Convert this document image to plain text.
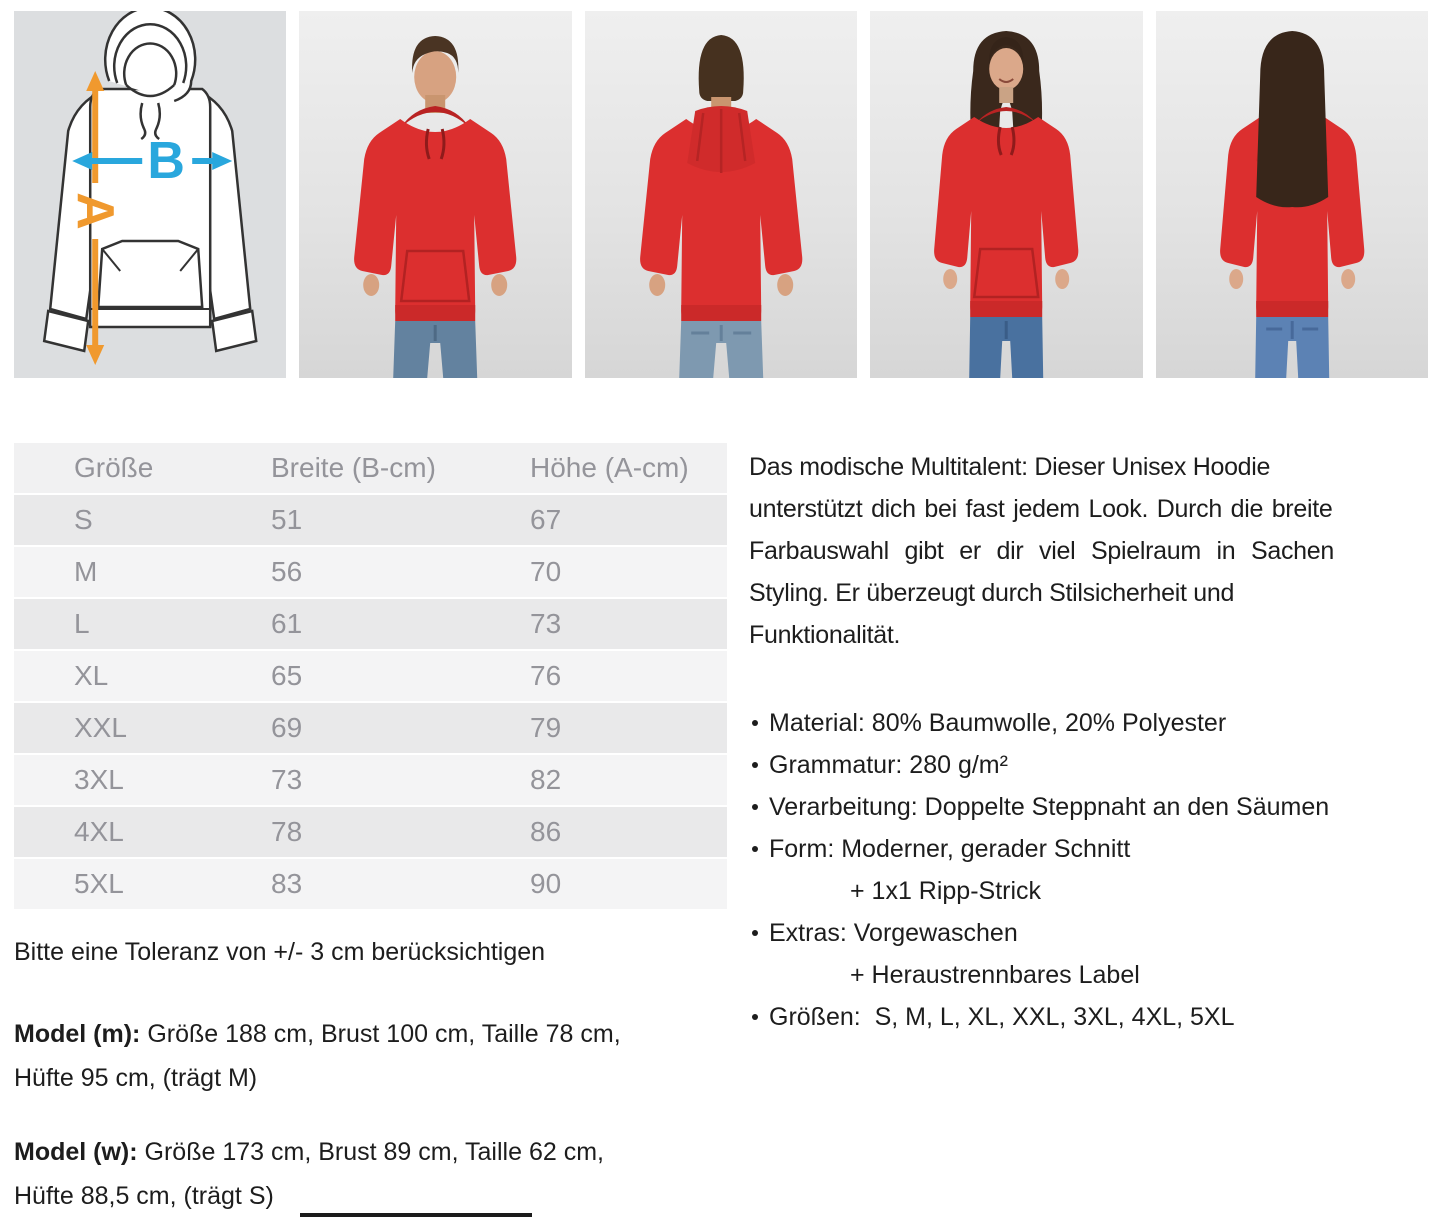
A
B
Größe	Breite (B-cm)	Höhe (A-cm)
S	51	67
M	56	70
L	61	73
XL	65	76
XXL	69	79
3XL	73	82
4XL	78	86
5XL	83	90
Bitte eine Toleranz von +/- 3 cm berücksichtigen
Model (m): Größe 188 cm, Brust 100 cm, Taille 78 cm,
Hüfte 95 cm, (trägt M)
Model (w): Größe 173 cm, Brust 89 cm, Taille 62 cm,
Hüfte 88,5 cm, (trägt S)
Das modische Multitalent: Dieser Unisex Hoodie
unterstützt dich bei fast jedem Look. Durch die breite
Farbauswahl gibt er dir viel Spielraum in Sachen
Styling. Er überzeugt durch Stilsicherheit und
Funktionalität.
Material: 80% Baumwolle, 20% Polyester
Grammatur: 280 g/m²
Verarbeitung: Doppelte Steppnaht an den Säumen
Form: Moderner, gerader Schnitt
+ 1x1 Ripp-Strick
Extras: Vorgewaschen
+ Heraustrennbares Label
Größen:  S, M, L, XL, XXL, 3XL, 4XL, 5XL
